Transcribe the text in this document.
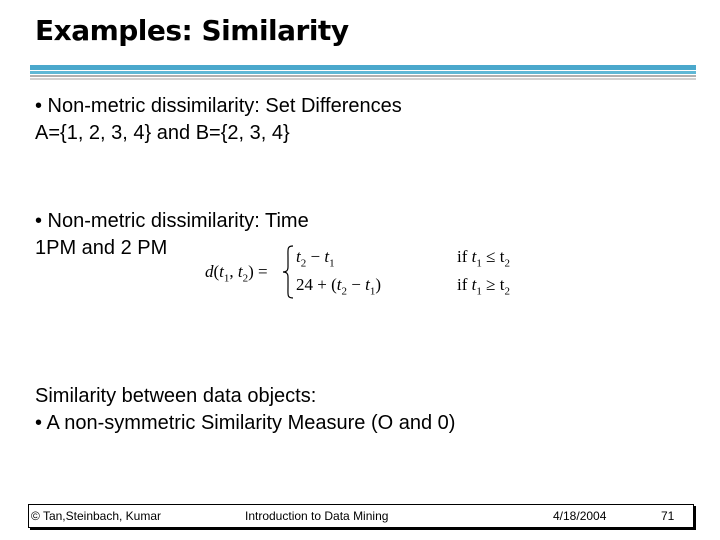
Examples: Similarity
• Non-metric dissimilarity: Set Differences
A={1, 2, 3, 4} and B={2, 3, 4}
• Non-metric dissimilarity: Time
1PM and 2 PM
$d(t_1$, $t_2$) =
$t_2 - t_1$
$24 + (t_2 - t_1)$
if $t_1 \le t_2$
if $t_1 \ge t_2$
Similarity between data objects:
• A non-symmetric Similarity Measure (O and 0)
© Tan,Steinbach, Kumar	Introduction to Data Mining	4/18/2004	71
